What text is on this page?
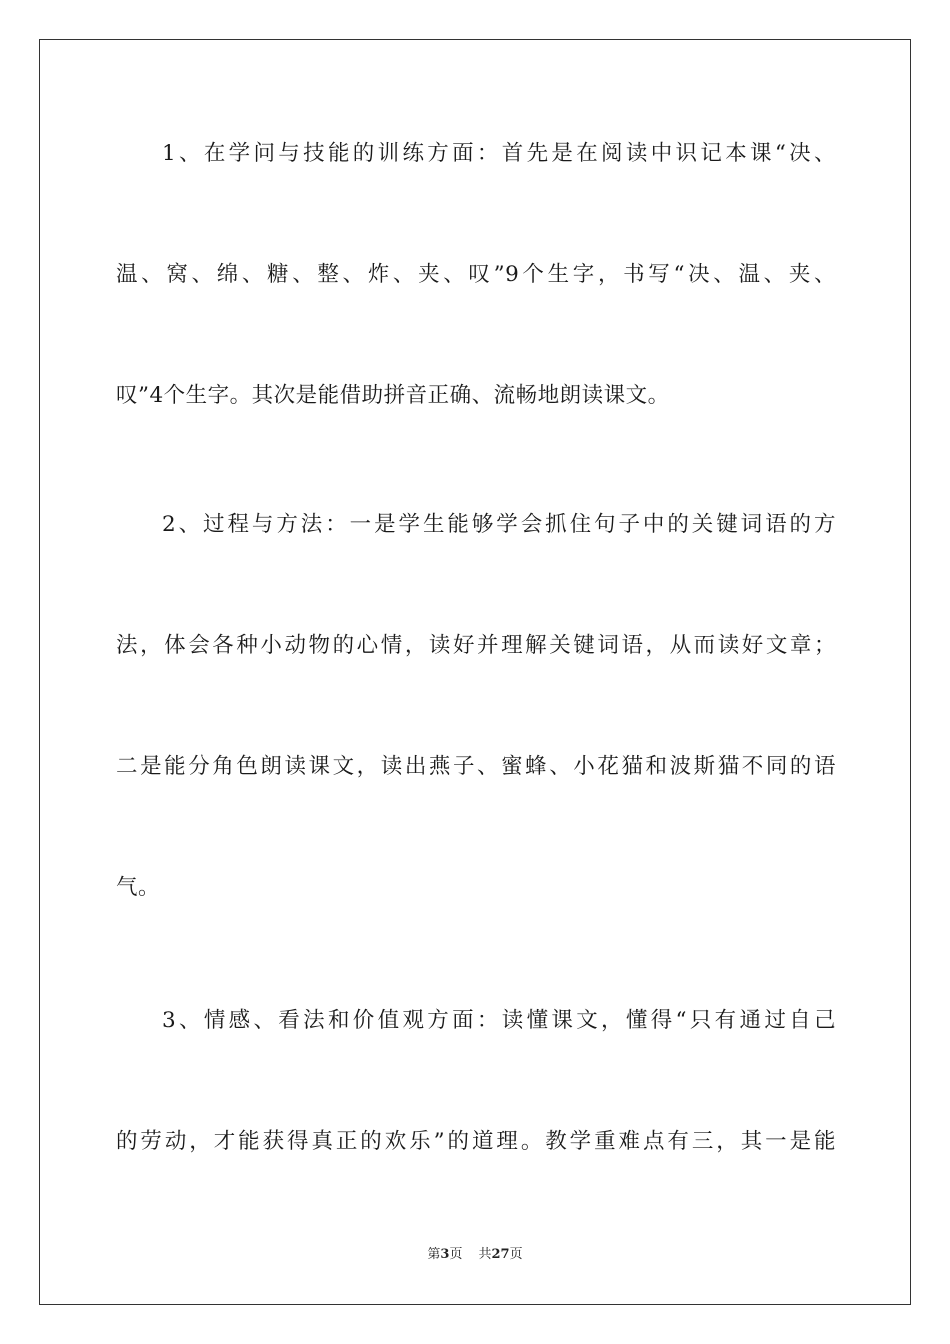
1、在学问与技能的训练方面：首先是在阅读中识记本课“决、
温、窝、绵、糖、整、炸、夹、叹”9个生字，书写“决、温、夹、
叹”4个生字。其次是能借助拼音正确、流畅地朗读课文。
2、过程与方法：一是学生能够学会抓住句子中的关键词语的方
法，体会各种小动物的心情，读好并理解关键词语，从而读好文章；
二是能分角色朗读课文，读出燕子、蜜蜂、小花猫和波斯猫不同的语
气。
3、情感、看法和价值观方面：读懂课文，懂得“只有通过自己
的劳动，才能获得真正的欢乐”的道理。教学重难点有三，其一是能
第3页 共27页
